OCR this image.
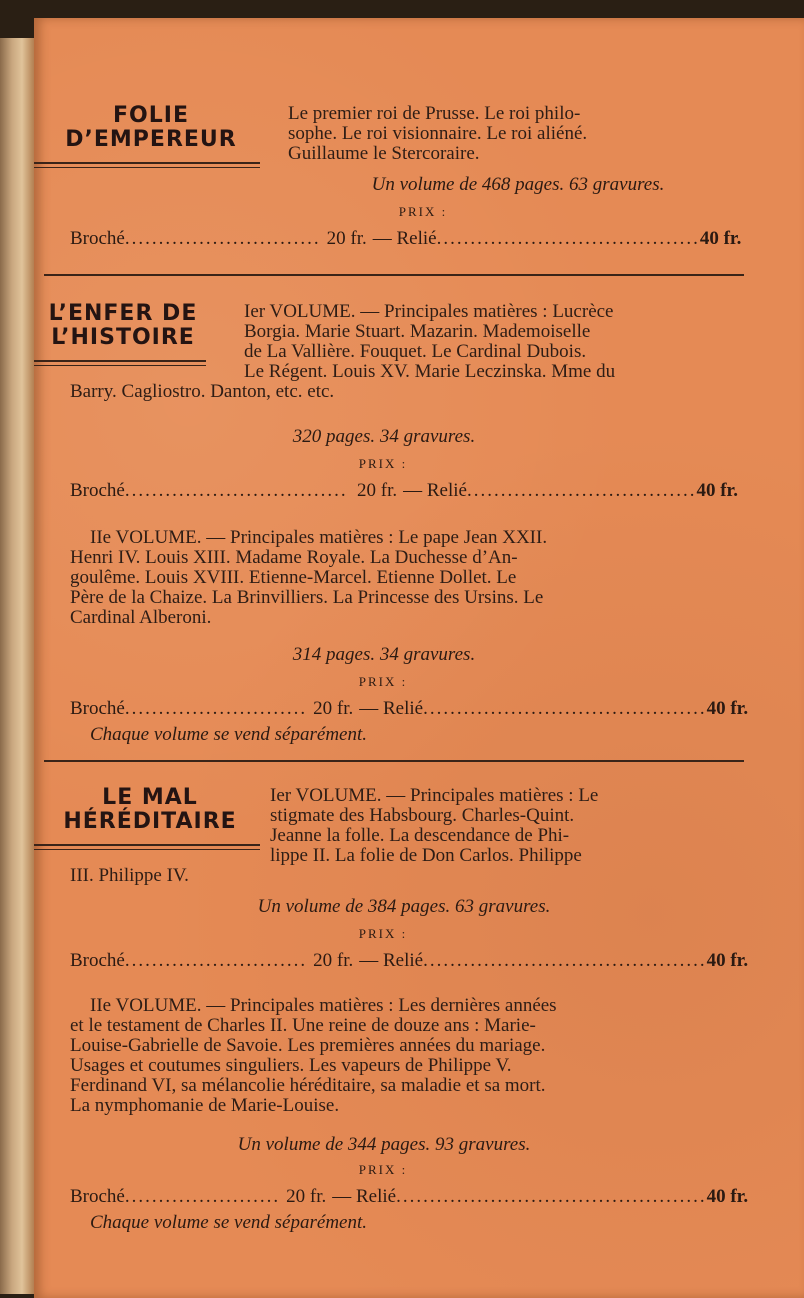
FOLIE
D’EMPEREUR
Le premier roi de Prusse. Le roi philo-
sophe. Le roi visionnaire. Le roi aliéné.
Guillaume le Stercoraire.
Un volume de 468 pages. 63 gravures.
PRIX :
Broché ............................. 20 fr. — Relié ....................................... 40 fr.
L’ENFER DE
L’HISTOIRE
Ier VOLUME. — Principales matières : Lucrèce
Borgia. Marie Stuart. Mazarin. Mademoiselle
de La Vallière. Fouquet. Le Cardinal Dubois.
Le Régent. Louis XV. Marie Leczinska. Mme du
Barry. Cagliostro. Danton, etc. etc.
320 pages. 34 gravures.
PRIX :
Broché ................................. 20 fr. — Relié .................................. 40 fr.
IIe VOLUME. — Principales matières : Le pape Jean XXII.
Henri IV. Louis XIII. Madame Royale. La Duchesse d’An-
goulême. Louis XVIII. Etienne-Marcel. Etienne Dollet. Le
Père de la Chaize. La Brinvilliers. La Princesse des Ursins. Le
Cardinal Alberoni.
314 pages. 34 gravures.
PRIX :
Broché ........................... 20 fr. — Relié .......................................... 40 fr.
Chaque volume se vend séparément.
LE MAL
HÉRÉDITAIRE
Ier VOLUME. — Principales matières : Le
stigmate des Habsbourg. Charles-Quint.
Jeanne la folle. La descendance de Phi-
lippe II. La folie de Don Carlos. Philippe
III. Philippe IV.
Un volume de 384 pages. 63 gravures.
PRIX :
Broché ........................... 20 fr. — Relié .......................................... 40 fr.
IIe VOLUME. — Principales matières : Les dernières années
et le testament de Charles II. Une reine de douze ans : Marie-
Louise-Gabrielle de Savoie. Les premières années du mariage.
Usages et coutumes singuliers. Les vapeurs de Philippe V.
Ferdinand VI, sa mélancolie héréditaire, sa maladie et sa mort.
La nymphomanie de Marie-Louise.
Un volume de 344 pages. 93 gravures.
PRIX :
Broché ....................... 20 fr. — Relié .............................................. 40 fr.
Chaque volume se vend séparément.
